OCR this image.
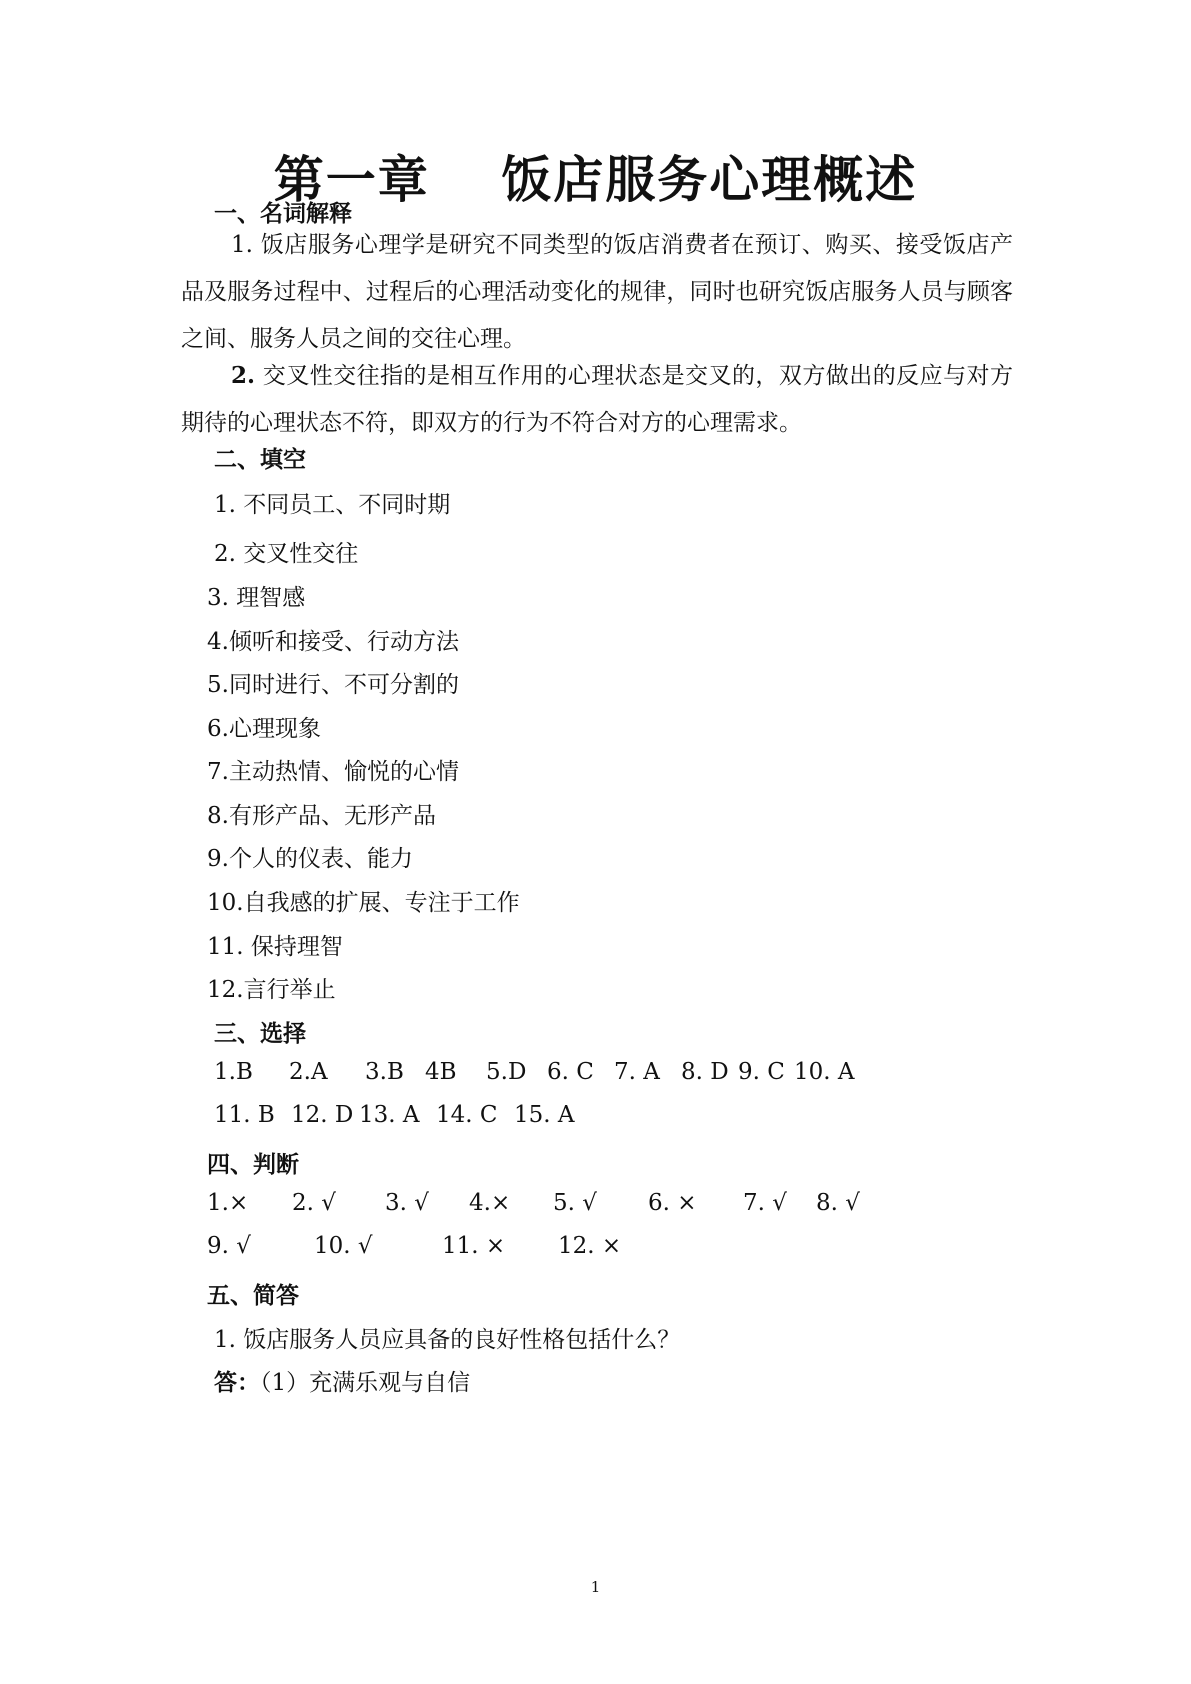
第一章　 饭店服务心理概述
一、名词解释
1. 饭店服务心理学是研究不同类型的饭店消费者在预订、购买、接受饭店产品及服务过程中、过程后的心理活动变化的规律，同时也研究饭店服务人员与顾客之间、服务人员之间的交往心理。
2. 交叉性交往指的是相互作用的心理状态是交叉的，双方做出的反应与对方期待的心理状态不符，即双方的行为不符合对方的心理需求。
二、填空
1. 不同员工、不同时期
2. 交叉性交往
3. 理智感
4.倾听和接受、行动方法
5.同时进行、不可分割的
6.心理现象
7.主动热情、愉悦的心情
8.有形产品、无形产品
9.个人的仪表、能力
10.自我感的扩展、专注于工作
11. 保持理智
12.言行举止
三、选择
1.B 2.A 3.B 4B 5.D 6. C 7. A 8. D 9. C 10. A
11. B 12. D 13. A 14. C 15. A
四、判断
1.× 2. √ 3. √ 4.× 5. √ 6. × 7. √ 8. √
9. √	10. √	11. × 12. ×
五、简答
1. 饭店服务人员应具备的良好性格包括什么？
答：（1）充满乐观与自信
1
